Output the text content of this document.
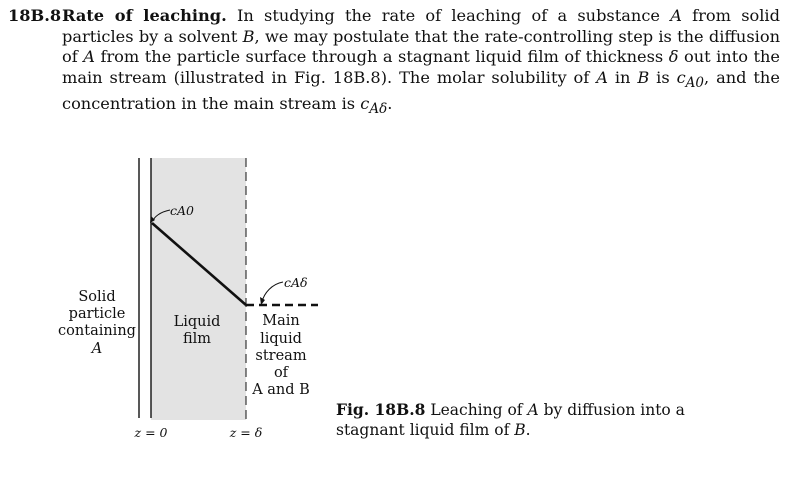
18B.8 Rate of leaching. In studying the rate of leaching of a substance A from solid particles by a solvent B, we may postulate that the rate-controlling step is the diffusion of A from the particle surface through a stagnant liquid film of thickness δ out into the main stream (illustrated in Fig. 18B.8). The molar solubility of A in B is $c_{A0}$, and the concentration in the main stream is $c_{A\delta}$.
cA0
cAδ
Solid
particle
containing
A
Liquid
film
Main
liquid
stream
of
A and B
z = 0	z = δ
Fig. 18B.8 Leaching of A by diffusion into a stagnant liquid film of B.
